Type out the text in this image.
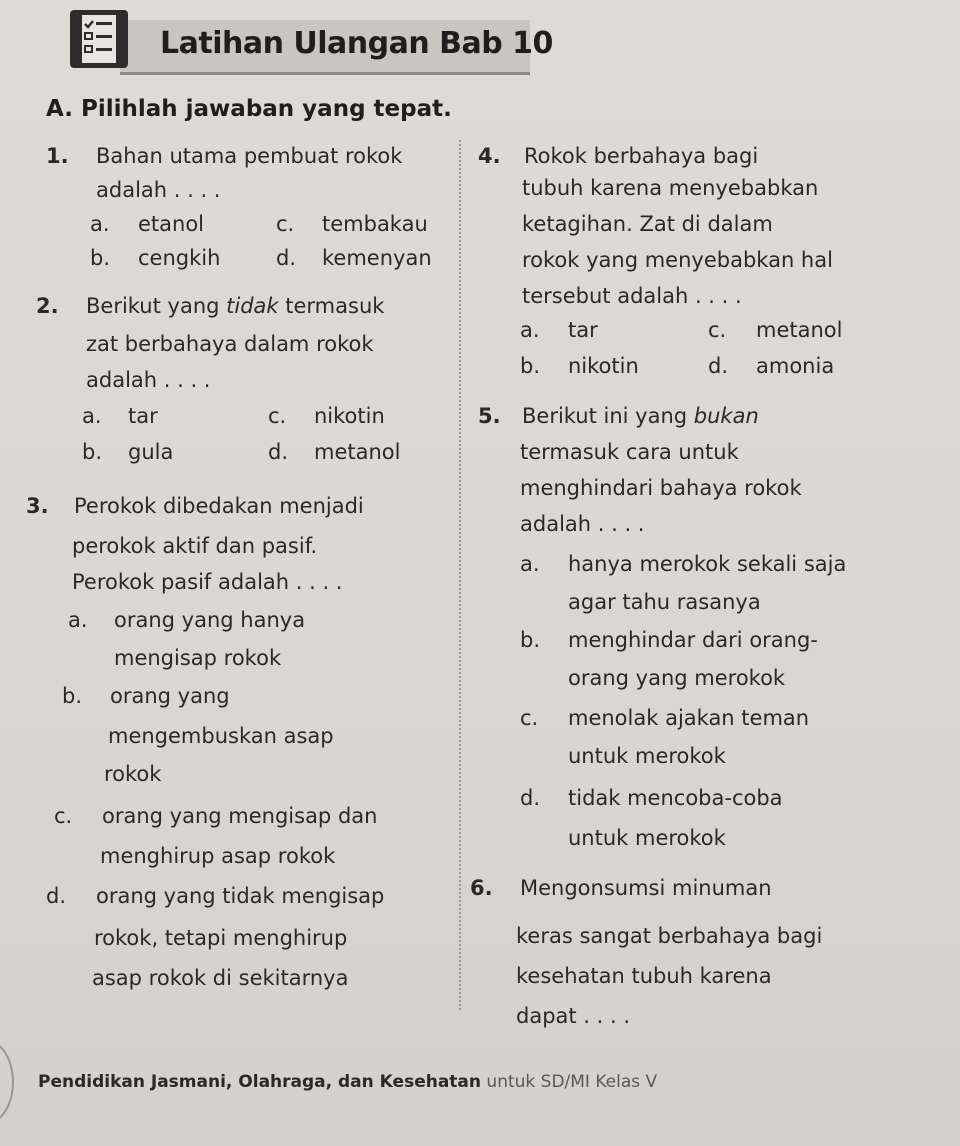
Latihan Ulangan Bab 10
A. Pilihlah jawaban yang tepat.
1. Bahan utama pembuat rokok
adalah . . . .
a. etanol	c. tembakau
b. cengkih	d. kemenyan
2. Berikut yang tidak termasuk
zat berbahaya dalam rokok
adalah . . . .
a. tar	c. nikotin
b. gula	d. metanol
3. Perokok dibedakan menjadi
perokok aktif dan pasif.
Perokok pasif adalah . . . .
a. orang yang hanya
mengisap rokok
b. orang yang
mengembuskan asap
rokok
c. orang yang mengisap dan
menghirup asap rokok
d. orang yang tidak mengisap
rokok, tetapi menghirup
asap rokok di sekitarnya
4. Rokok berbahaya bagi
tubuh karena menyebabkan
ketagihan. Zat di dalam
rokok yang menyebabkan hal
tersebut adalah . . . .
a. tar	c. metanol
b. nikotin	d. amonia
5. Berikut ini yang bukan
termasuk cara untuk
menghindari bahaya rokok
adalah . . . .
a. hanya merokok sekali saja
agar tahu rasanya
b. menghindar dari orang-
orang yang merokok
c. menolak ajakan teman
untuk merokok
d. tidak mencoba-coba
untuk merokok
6. Mengonsumsi minuman
keras sangat berbahaya bagi
kesehatan tubuh karena
dapat . . . .
Pendidikan Jasmani, Olahraga, dan Kesehatan untuk SD/MI Kelas V
